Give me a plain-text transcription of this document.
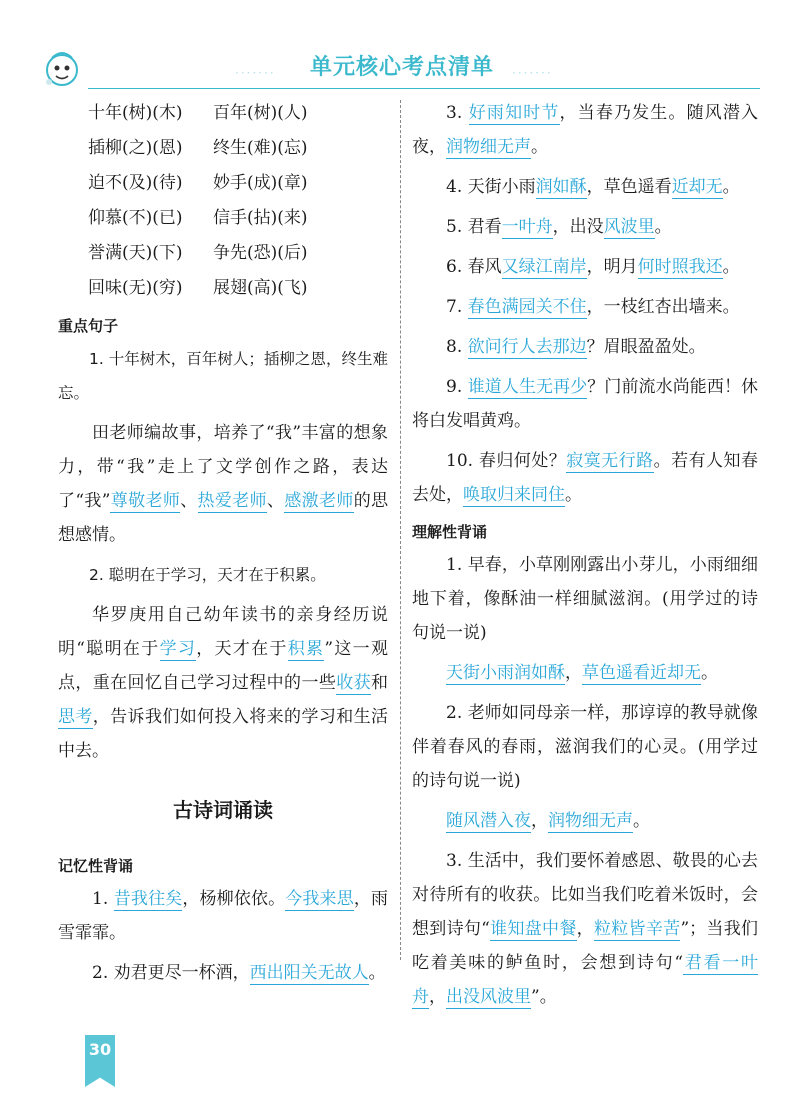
······· 单元核心考点清单 ·······
十年(树)(木) 百年(树)(人)
插柳(之)(恩) 终生(难)(忘)
迫不(及)(待) 妙手(成)(章)
仰慕(不)(已) 信手(拈)(来)
誉满(天)(下) 争先(恐)(后)
回味(无)(穷) 展翅(高)(飞)
重点句子

1. 十年树木，百年树人；插柳之恩，终生难忘。

田老师编故事，培养了“我”丰富的想象力，带“我”走上了文学创作之路，表达了“我”尊敬老师、热爱老师、感激老师的思想感情。

2. 聪明在于学习，天才在于积累。

华罗庚用自己幼年读书的亲身经历说明“聪明在于学习，天才在于积累”这一观点，重在回忆自己学习过程中的一些收获和思考，告诉我们如何投入将来的学习和生活中去。

古诗词诵读
记忆性背诵

1. 昔我往矣，杨柳依依。今我来思，雨雪霏霏。

2. 劝君更尽一杯酒，西出阳关无故人。

3. 好雨知时节，当春乃发生。随风潜入夜，润物细无声。

4. 天街小雨润如酥，草色遥看近却无。

5. 君看一叶舟，出没风波里。

6. 春风又绿江南岸，明月何时照我还。

7. 春色满园关不住，一枝红杏出墙来。

8. 欲问行人去那边？眉眼盈盈处。

9. 谁道人生无再少？门前流水尚能西！休将白发唱黄鸡。

10. 春归何处？寂寞无行路。若有人知春去处，唤取归来同住。

理解性背诵

1. 早春，小草刚刚露出小芽儿，小雨细细地下着，像酥油一样细腻滋润。(用学过的诗句说一说)

天街小雨润如酥，草色遥看近却无。

2. 老师如同母亲一样，那谆谆的教导就像伴着春风的春雨，滋润我们的心灵。(用学过的诗句说一说)

随风潜入夜，润物细无声。

3. 生活中，我们要怀着感恩、敬畏的心去对待所有的收获。比如当我们吃着米饭时，会想到诗句“谁知盘中餐，粒粒皆辛苦”；当我们吃着美味的鲈鱼时，会想到诗句“君看一叶舟，出没风波里”。

30
